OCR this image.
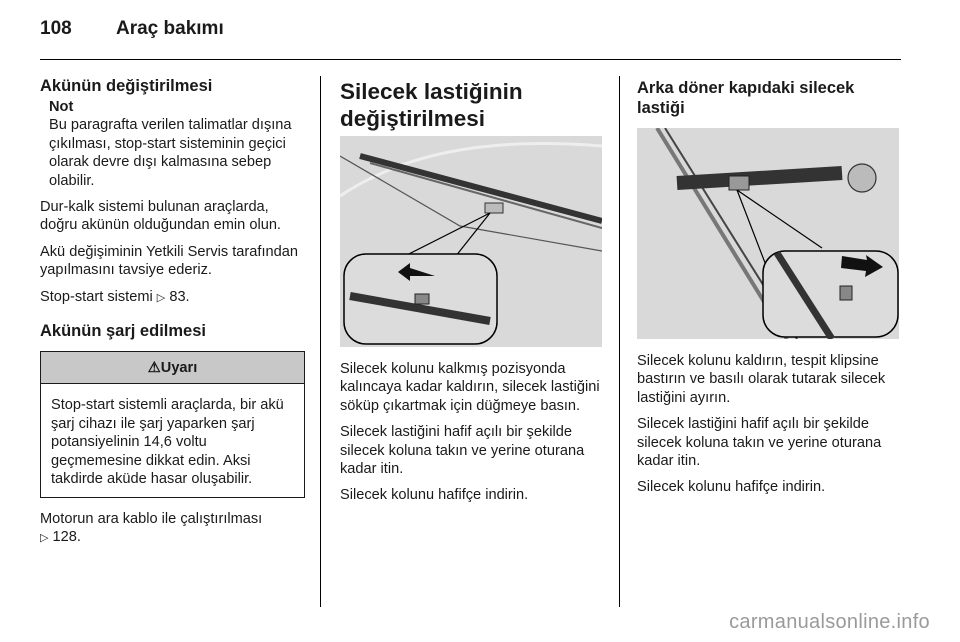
108 Araç bakımı
Akünün değiştirilmesi
Not
Bu paragrafta verilen talimatlar dışına çıkılması, stop-start sisteminin geçici olarak devre dışı kalmasına sebep olabilir.

Dur-kalk sistemi bulunan araçlarda, doğru akünün olduğundan emin olun.

Akü değişiminin Yetkili Servis tarafından yapılmasını tavsiye ederiz.

Stop-start sistemi ▷ 83.

Akünün şarj edilmesi
⚠Uyarı
Stop-start sistemli araçlarda, bir akü şarj cihazı ile şarj yaparken şarj potansiyelinin 14,6 voltu geçmemesine dikkat edin. Aksi takdirde aküde hasar oluşabilir.

Motorun ara kablo ile çalıştırılması
▷ 128.

Silecek lastiğinin değiştirilmesi

Silecek kolunu kalkmış pozisyonda kalıncaya kadar kaldırın, silecek lastiğini söküp çıkartmak için düğmeye basın.

Silecek lastiğini hafif açılı bir şekilde silecek koluna takın ve yerine oturana kadar itin.

Silecek kolunu hafifçe indirin.

Arka döner kapıdaki silecek lastiği

Silecek kolunu kaldırın, tespit klipsine bastırın ve basılı olarak tutarak silecek lastiğini ayırın.

Silecek lastiğini hafif açılı bir şekilde silecek koluna takın ve yerine oturana kadar itin.

Silecek kolunu hafifçe indirin.

carmanualsonline.info
